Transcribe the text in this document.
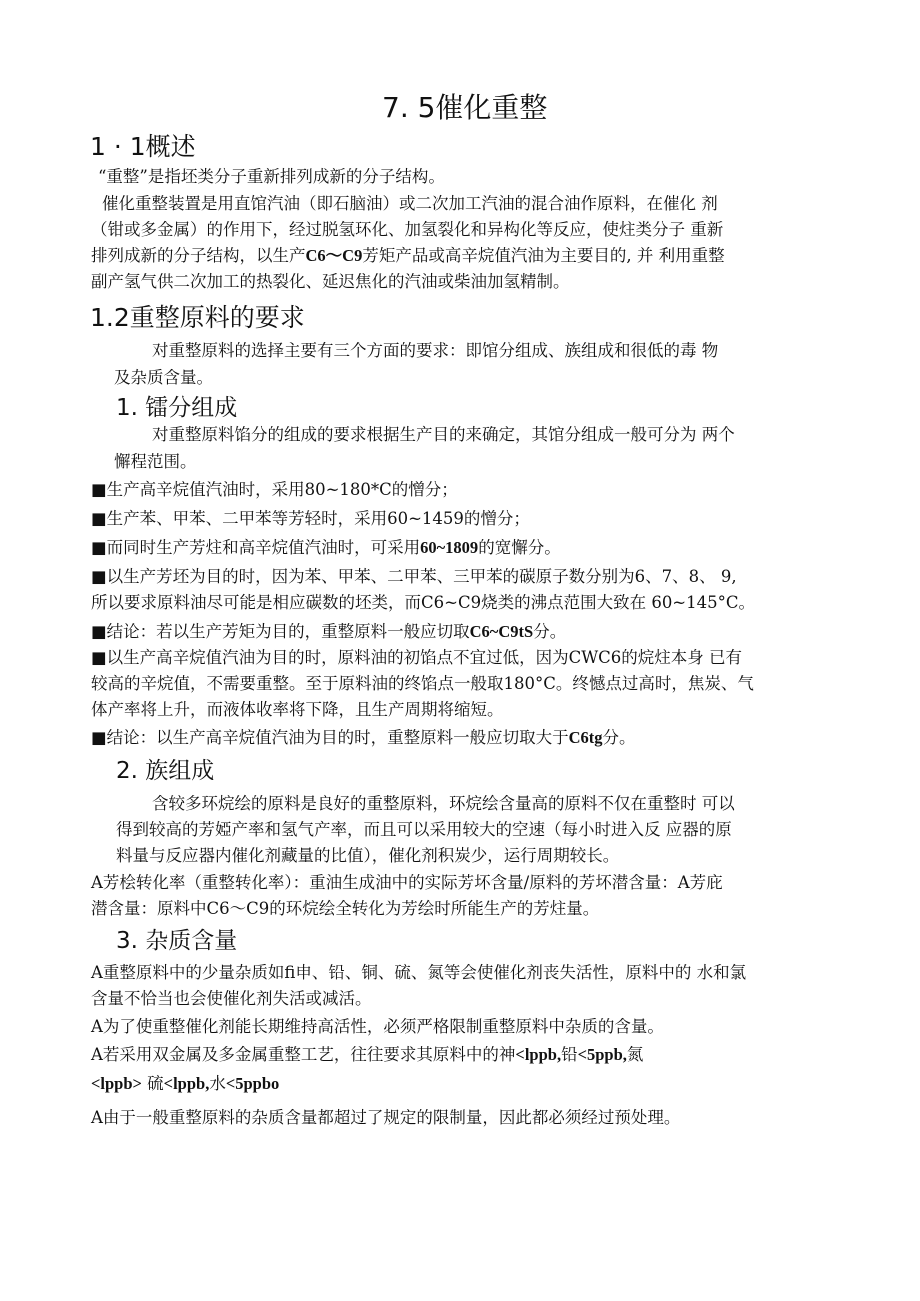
7. 5催化重整
1 · 1概述
“重整”是指坯类分子重新排列成新的分子结构。
催化重整装置是用直馆汽油（即石脑油）或二次加工汽油的混合油作原料，在催化 剂
（钳或多金属）的作用下，经过脱氢环化、加氢裂化和异构化等反应，使炷类分子 重新
排列成新的分子结构，以生产C6～C9芳矩产品或高辛烷值汽油为主要目的, 并 利用重整
副产氢气供二次加工的热裂化、延迟焦化的汽油或柴油加氢精制。
1.2重整原料的要求
对重整原料的选择主要有三个方面的要求：即馆分组成、族组成和很低的毒 物
及杂质含量。
1. 镭分组成
对重整原料馅分的组成的要求根据生产目的来确定，其馆分组成一般可分为 两个
懈程范围。
■生产高辛烷值汽油时，采用80~180*C的憎分；
■生产苯、甲苯、二甲苯等芳轻时，采用60~1459的憎分；
■而同时生产芳炷和高辛烷值汽油时，可采用60~1809的宽懈分。
■以生产芳坯为目的时，因为苯、甲苯、二甲苯、三甲苯的碳原子数分别为6、7、8、 9,
所以要求原料油尽可能是相应碳数的坯类，而C6~C9烧类的沸点范围大致在 60~145°C。
■结论：若以生产芳矩为目的，重整原料一般应切取C6~C9tS分。
■以生产高辛烷值汽油为目的时，原料油的初馅点不宜过低，因为CWC6的烷炷本身 已有
较高的辛烷值，不需要重整。至于原料油的终馅点一般取180°C。终憾点过高时，焦炭、气
体产率将上升，而液体收率将下降，且生产周期将缩短。
■结论：以生产高辛烷值汽油为目的时，重整原料一般应切取大于C6tg分。
2. 族组成
含较多环烷绘的原料是良好的重整原料，环烷绘含量高的原料不仅在重整时 可以
得到较高的芳婭产率和氢气产率，而且可以采用较大的空速（每小时进入反 应器的原
料量与反应器内催化剂藏量的比值），催化剂积炭少，运行周期较长。
A芳桧转化率（重整转化率）：重油生成油中的实际芳坏含量/原料的芳坏潜含量：A芳庇
潜含量：原料中C6～C9的环烷绘全转化为芳绘时所能生产的芳炷量。
3. 杂质含量
A重整原料中的少量杂质如fi申、铅、铜、硫、氮等会使催化剂丧失活性，原料中的 水和氯
含量不恰当也会使催化剂失活或减活。
A为了使重整催化剂能长期维持高活性，必须严格限制重整原料中杂质的含量。
A若采用双金属及多金属重整工艺，往往要求其原料中的神<lppb,铅<5ppb,氮
<lppb> 硫<lppb,水<5ppbo
A由于一般重整原料的杂质含量都超过了规定的限制量，因此都必须经过预处理。
